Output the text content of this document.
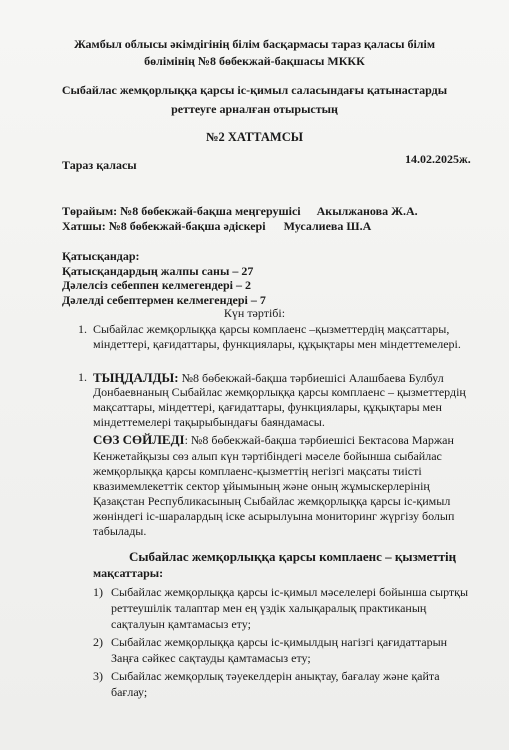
Жамбыл облысы әкімдігінің білім басқармасы тараз қаласы білім
бөлімінің №8 бөбекжай-бақшасы МККК
Сыбайлас жемқорлыққа қарсы іс-қимыл саласындағы қатынастарды
реттеуге арналған отырыстың
№2 ХАТТАМСЫ
Тараз қаласы	14.02.2025ж.
Төрайым: №8 бөбекжай-бақша меңгерушісі Акылжанова Ж.А.
Хатшы: №8 бөбекжай-бақша әдіскері Мусалиева Ш.А
Қатысқандар:
Қатысқандардың жалпы саны – 27
Дәлелсіз себеппен келмегендері – 2
Дәлелді себептермен келмегендері – 7
Күн тәртібі:
1. Сыбайлас жемқорлыққа қарсы комплаенс –қызметтердің мақсаттары,
міндеттері, қағидаттары, функциялары, құқықтары мен міндеттемелері.
1. ТЫҢДАЛДЫ: №8 бөбекжай-бақша тәрбиешісі Алашбаева Булбул
Донбаевнаның Сыбайлас жемқорлыққа қарсы комплаенс – қызметтердің
мақсаттары, міндеттері, қағидаттары, функциялары, құқықтары мен
міндеттемелері тақырыбындағы баяндамасы.
СӨЗ СӨЙЛЕДІ: №8 бөбекжай-бақша тәрбиешісі Бектасова Маржан
Кенжетайқызы сөз алып күн тәртібіндегі мәселе бойынша сыбайлас
жемқорлыққа қарсы комплаенс-қызметтің негізгі мақсаты тиісті
квазимемлекеттік сектор ұйымының және оның жұмыскерлерінің
Қазақстан Республикасының Сыбайлас жемқорлыққа қарсы іс-қимыл
жөніндегі іс-шаралардың іске асырылуына мониторинг жүргізу болып
табылады.
Сыбайлас жемқорлыққа қарсы комплаенс – қызметтің
мақсаттары:
1) Сыбайлас жемқорлыққа қарсы іс-қимыл мәселелері бойынша сыртқы
реттеушілік талаптар мен ең үздік халықаралық практиканың
сақталуын қамтамасыз ету;
2) Сыбайлас жемқорлыққа қарсы іс-қимылдың нагізгі қағидаттарын
Заңға сәйкес сақтауды қамтамасыз ету;
3) Сыбайлас жемқорлық тәуекелдерін анықтау, бағалау және қайта
бағлау;
